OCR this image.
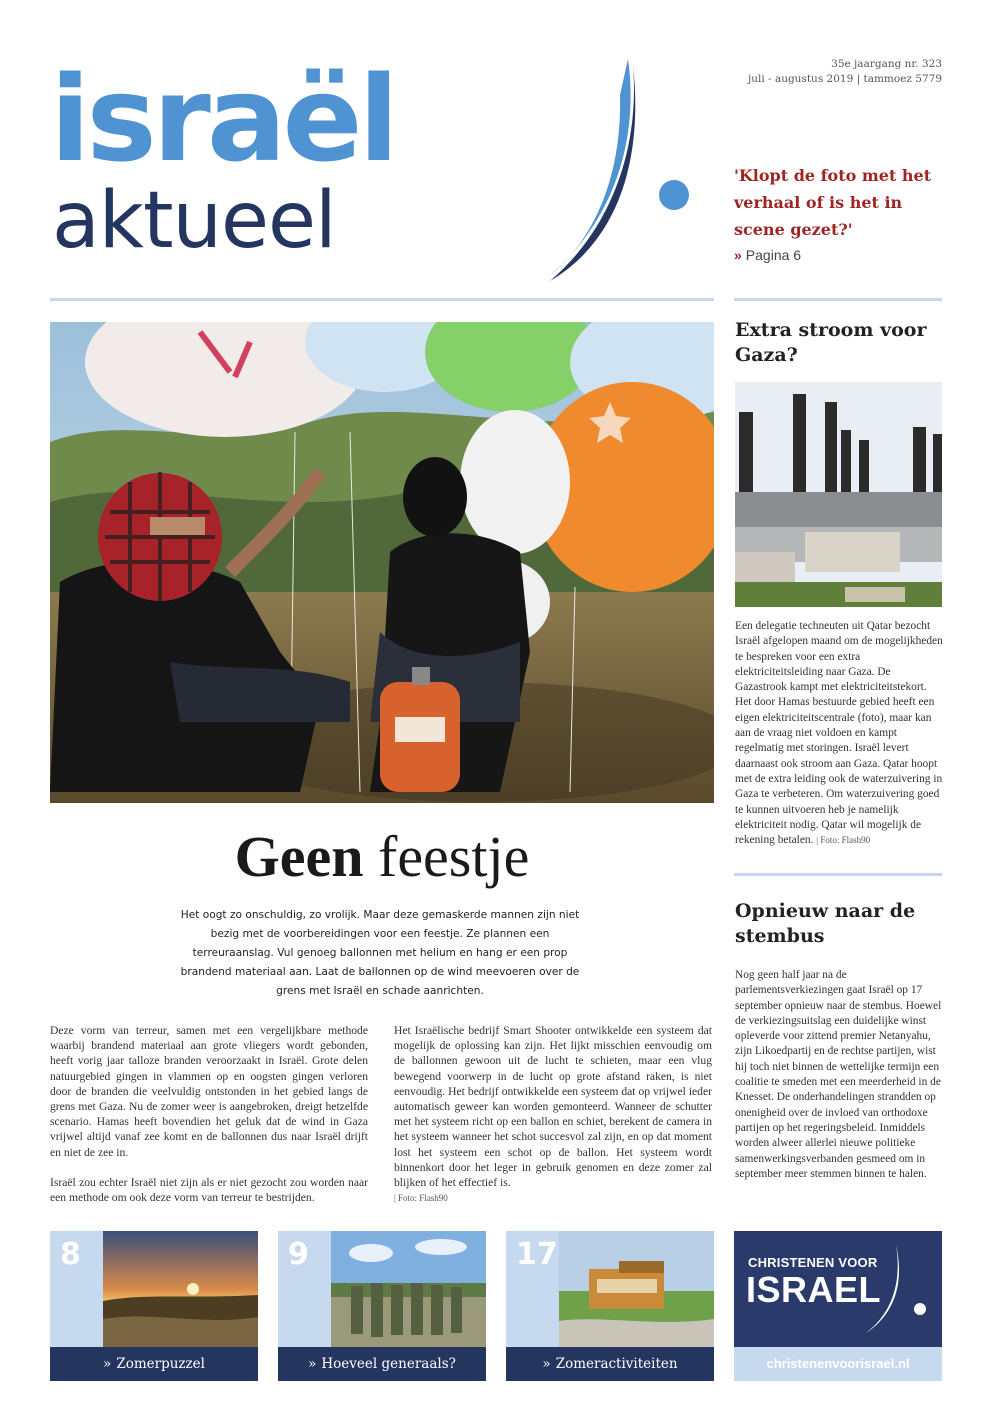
israël
aktueel
35e jaargang nr. 323
juli - augustus 2019 | tammoez 5779
'Klopt de foto met het verhaal of is het in scene gezet?'
» Pagina 6
Geen feestje
Het oogt zo onschuldig, zo vrolijk. Maar deze gemaskerde mannen zijn niet bezig met de voorbereidingen voor een feestje. Ze plannen een terreuraanslag. Vul genoeg ballonnen met helium en hang er een prop brandend materiaal aan. Laat de ballonnen op de wind meevoeren over de grens met Israël en schade aanrichten.

Deze vorm van terreur, samen met een vergelijkbare methode waarbij brandend materiaal aan grote vliegers wordt gebonden, heeft vorig jaar talloze branden veroorzaakt in Israël. Grote delen natuurgebied gingen in vlammen op en oogsten gingen verloren door de branden die veelvuldig ontstonden in het gebied langs de grens met Gaza. Nu de zomer weer is aangebroken, dreigt hetzelfde scenario. Hamas heeft bovendien het geluk dat de wind in Gaza vrijwel altijd vanaf zee komt en de ballonnen dus naar Israël drijft en niet de zee in.

Israël zou echter Israël niet zijn als er niet gezocht zou worden naar een methode om ook deze vorm van terreur te bestrijden.

Het Israëlische bedrijf Smart Shooter ontwikkelde een systeem dat mogelijk de oplossing kan zijn. Het lijkt misschien eenvoudig om de ballonnen gewoon uit de lucht te schieten, maar een vlug bewegend voorwerp in de lucht op grote afstand raken, is niet eenvoudig. Het bedrijf ontwikkelde een systeem dat op vrijwel ieder automatisch geweer kan worden gemonteerd. Wanneer de schutter met het systeem richt op een ballon en schiet, berekent de camera in het systeem wanneer het schot succesvol zal zijn, en op dat moment lost het systeem een schot op de ballon. Het systeem wordt binnenkort door het leger in gebruik genomen en deze zomer zal blijken of het effectief is.
| Foto: Flash90

Extra stroom voor Gaza?
Een delegatie techneuten uit Qatar bezocht Israël afgelopen maand om de mogelijkheden te bespreken voor een extra elektriciteitsleiding naar Gaza. De Gazastrook kampt met elektriciteitstekort. Het door Hamas bestuurde gebied heeft een eigen elektriciteitscentrale (foto), maar kan aan de vraag niet voldoen en kampt regelmatig met storingen. Israël levert daarnaast ook stroom aan Gaza. Qatar hoopt met de extra leiding ook de waterzuivering in Gaza te verbeteren. Om waterzuivering goed te kunnen uitvoeren heb je namelijk elektriciteit nodig. Qatar wil mogelijk de rekening betalen. | Foto: Flash90
Opnieuw naar de stembus
Nog geen half jaar na de parlementsverkiezingen gaat Israël op 17 september opnieuw naar de stembus. Hoewel de verkiezingsuitslag een duidelijke winst opleverde voor zittend premier Netanyahu, zijn Likoedpartij en de rechtse partijen, wist hij toch niet binnen de wettelijke termijn een coalitie te smeden met een meerderheid in de Knesset. De onderhandelingen strandden op onenigheid over de invloed van orthodoxe partijen op het regeringsbeleid. Inmiddels worden alweer allerlei nieuwe politieke samenwerkingsverbanden gesmeed om in september meer stemmen binnen te halen.
8
» Zomerpuzzel
9
» Hoeveel generaals?
17
» Zomeractiviteiten
CHRISTENEN VOOR
ISRAEL
christenenvoorisrael.nl
